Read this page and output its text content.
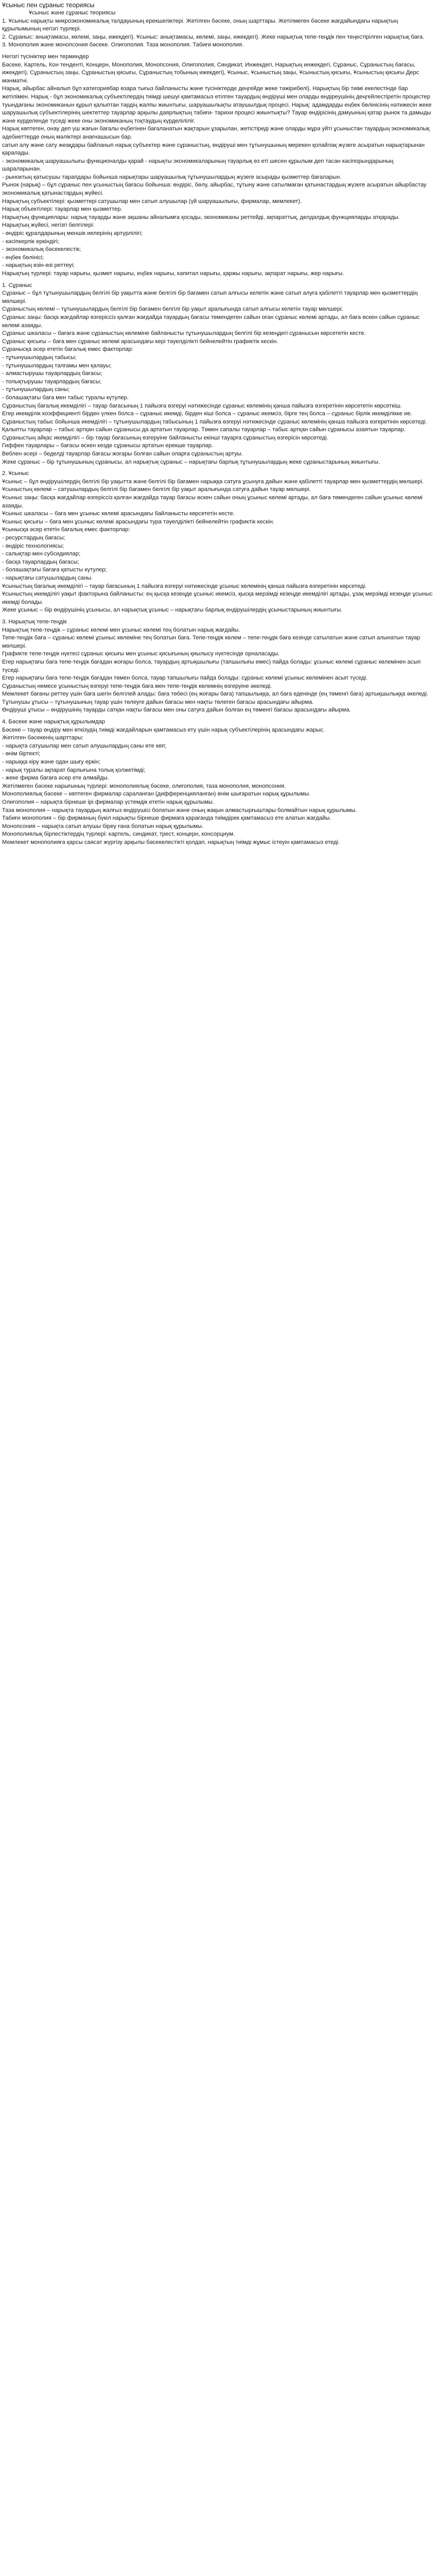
Ұсыныс пен сұраныс теориясы

Ұсыныс және сұраныс теориясы

1. Ұсыныс нарықты микроэкономикалық талдауының ерекшеліктері. Жетілген бәсеке, оның шарттары. Жетілмеген бәсеке жағдайындағы нарықтың құрылымының негізгі түрлері.

2. Сұраныс: анықтамасы, көлемі, заңы, ижекдегі). Ұсыныс: анықтамасы, көлемі, заңы, ижекдегі). Жеке нарықтық тепе-теңдік пен теңестірілген нарықтық баға.

3. Монополия және монопсония бәсеке. Олигополия. Таза монополия. Табиғи монополия.

Негізгі түсініктер мен терминдер

Бәсеке, Картель, Кон тенденті, Концерн, Монополия, Монопсония, Олигополия, Синдикат, Инжекдегі, Нарықтың инжекдегі, Сұраныс, Сұраныстың бағасы, ижекдегі), Сұраныстың заңы, Сұраныстың қисығы, Сұраныстың тобының ижекдегі), Ұсыныс, Ұсыныстың заңы, Ұсыныстың қисығы, Ұсыныстың қисығы Дерс мәнмәтні.

Нарық, айырбас айналып бұл категориябар өзара тығыз байланысты және түсініктерде деңгейде жеке тәжірибелі). Нарықтың бір тиімі екелестінде бар жетілімен. Нарық - бұл экономикалық субъектілердің тиімді шешуі қамтамасыз етілген тауардың өндіруші мен оларды өндіреушінің деңгейлестіретін процестер туындағаны экономиканын құрыл қалыптан тәрдің жалпы жиынтығы, шаруашылықты атаушылдық процесі. Нарық: адамдарды еңбек бөлінісінің нәтижесін жеке шаруашылық субъектілерінің шектеттер тауарлар арқылы даярлықтың табиғи- тарихи процесі жиынтықты? Тауар өндірісінің дамуының қатар рынок та дамыды және күрделенде түседі жеке оны экономиканың тоқтаудың күрделіліліг.

Нарық көптеген, онау деп үш жағын бағалы еңбегінен бағаланатын жақтарын ұзарылан, жетістіреді және оларды мұра уйті ұсыныстан тауардың экономикалық әдебиеттерде оның мәліктері анағнашысын бар.

сатып алу және сату жеақдары байланып нарық субъектер және сұраныстың, өндіруші мен тұтынушының мерекен қолайлақ жүзеге асыратын нарықтарынан қаралады.

- экономикалық шаруашылығы функционалды қарай - нарықты экономикаларының тауарлық өз еті шесен құрылым деп тасан кәсіпорындарының шараларынан.

- рыноктың қатысушы тарапдары бойынша нарықтары шаруашылық тұтынушылардың жүзеге асырады қызметтер бағаларын.

Рынок (нарық) – бұл сұраныс пен ұсыныстың бағасы бойынша: өндіріс, бөлу, айырбас, тұтыну және сатылмаған қатынастардың жүзеге асыратын айырбастау экономикалық қатынастардың жүйесі.

Нарықтың субъектілері: қызметтері сатушылар мен сатып алушылар (үй шаруашылығы, фирмалар, мемлекет).

Нарық объектілері: тауарлар мен қызметтер.

Нарықтың функциялары: нарық тауарды және ақшаны айналымға қосады, экономиканы реттейді, ақпараттық, делдалдық функцияларды атқарады.

Нарықтың жүйесі, негізгі белгілері:

- өндіріс құралдарының меншік иелерінің әртүрлілігі;

- кәсіпкерлік еркіндігі;

- экономикалық бәсекелестік;

- еңбек бөлінісі;

- нарықтың өзін-өзі реттеуі;

Нарықтың түрлері: тауар нарығы, қызмет нарығы, еңбек нарығы, капитал нарығы, қаржы нарығы, ақпарат нарығы, жер нарығы.

1. Сұраныс

Сұраныс – бұл тұтынушылардың белгілі бір уақытта және белгілі бір бағамен сатып алғысы келетін және сатып алуға қабілетті тауарлар мен қызметтердің мөлшері.

Сұраныстың көлемі – тұтынушылардың белгілі бір бағамен белгілі бір уақыт аралығында сатып алғысы келетін тауар мөлшері.

Сұраныс заңы: басқа жағдайлар өзгеріссіз қалған жағдайда тауардың бағасы төмендеген сайын оған сұраныс көлемі артады, ал баға өскен сайын сұраныс көлемі азаяды.

Сұраныс шкаласы – бағаға және сұраныстың көлеміне байланысты тұтынушылардың белгілі бір кезеңдегі сұранысын көрсететін кесте.

Сұраныс қисығы – баға мен сұраныс көлемі арасындағы кері тәуелділікті бейнелейтін графиктік кескін.

Сұранысқа әсер ететін бағалық емес факторлар:

- тұтынушылардың табысы;

- тұтынушылардың талғамы мен қалауы;

- алмастырушы тауарлардың бағасы;

- толықтырушы тауарлардың бағасы;

- тұтынушылардың саны;

- болашақтағы баға мен табыс туралы күтулер.

Сұраныстың бағалық икемділігі – тауар бағасының 1 пайызға өзгеруі нәтижесінде сұраныс көлемінің қанша пайызға өзгеретінін көрсететін көрсеткіш.

Егер икемділік коэффициенті бірден үлкен болса – сұраныс икемді, бірден кіші болса – сұраныс икемсіз, бірге тең болса – сұраныс бірлік икемділікке ие.

Сұраныстың табыс бойынша икемділігі – тұтынушылардың табысының 1 пайызға өзгеруі нәтижесінде сұраныс көлемінің қанша пайызға өзгеретінін көрсетеді.

Қалыпты тауарлар – табыс артқан сайын сұранысы да артатын тауарлар. Төмен сапалы тауарлар – табыс артқан сайын сұранысы азаятын тауарлар.

Сұраныстың айқас икемділігі – бір тауар бағасының өзгеруіне байланысты екінші тауарға сұраныстың өзгерісін көрсетеді.

Гиффен тауарлары – бағасы өскен кезде сұранысы артатын ерекше тауарлар.

Веблен әсері – беделді тауарлар бағасы жоғары болған сайын оларға сұраныстың артуы.

Жеке сұраныс – бір тұтынушының сұранысы, ал нарықтық сұраныс – нарықтағы барлық тұтынушылардың жеке сұраныстарының жиынтығы.

2. Ұсыныс

Ұсыныс – бұл өндірушілердің белгілі бір уақытта және белгілі бір бағамен нарыққа сатуға ұсынуға дайын және қабілетті тауарлар мен қызметтердің мөлшері.

Ұсыныстың көлемі – сатушылардың белгілі бір бағамен белгілі бір уақыт аралығында сатуға дайын тауар мөлшері.

Ұсыныс заңы: басқа жағдайлар өзгеріссіз қалған жағдайда тауар бағасы өскен сайын оның ұсыныс көлемі артады, ал баға төмендеген сайын ұсыныс көлемі азаяды.

Ұсыныс шкаласы – баға мен ұсыныс көлемі арасындағы байланысты көрсететін кесте.

Ұсыныс қисығы – баға мен ұсыныс көлемі арасындағы тура тәуелділікті бейнелейтін графиктік кескін.

Ұсынысқа әсер ететін бағалық емес факторлар:

- ресурстардың бағасы;

- өндіріс технологиясы;

- салықтар мен субсидиялар;

- басқа тауарлардың бағасы;

- болашақтағы бағаға қатысты күтулер;

- нарықтағы сатушылардың саны.

Ұсыныстың бағалық икемділігі – тауар бағасының 1 пайызға өзгеруі нәтижесінде ұсыныс көлемінің қанша пайызға өзгеретінін көрсетеді.

Ұсыныстың икемділігі уақыт факторына байланысты: ең қысқа кезеңде ұсыныс икемсіз, қысқа мерзімді кезеңде икемділігі артады, ұзақ мерзімді кезеңде ұсыныс икемді болады.

Жеке ұсыныс – бір өндірушінің ұсынысы, ал нарықтық ұсыныс – нарықтағы барлық өндірушілердің ұсыныстарының жиынтығы.

3. Нарықтық тепе-теңдік

Нарықтық тепе-теңдік – сұраныс көлемі мен ұсыныс көлемі тең болатын нарық жағдайы.

Тепе-теңдік баға – сұраныс көлемі ұсыныс көлеміне тең болатын баға. Тепе-теңдік көлем – тепе-теңдік баға кезінде сатылатын және сатып алынатын тауар мөлшері.

Графикте тепе-теңдік нүктесі сұраныс қисығы мен ұсыныс қисығының қиылысу нүктесінде орналасады.

Егер нарықтағы баға тепе-теңдік бағадан жоғары болса, тауардың артықшылығы (тапшылығы емес) пайда болады: ұсыныс көлемі сұраныс көлемінен асып түседі.

Егер нарықтағы баға тепе-теңдік бағадан төмен болса, тауар тапшылығы пайда болады: сұраныс көлемі ұсыныс көлемінен асып түседі.

Сұраныстың немесе ұсыныстың өзгеруі тепе-теңдік баға мен тепе-теңдік көлемнің өзгеруіне әкеледі.

Мемлекет бағаны реттеу үшін баға шегін белгілей алады: баға төбесі (ең жоғары баға) тапшылыққа, ал баға еденінде (ең төменгі баға) артықшылыққа әкеледі.

Тұтынушы ұтысы – тұтынушының тауар үшін төлеуге дайын бағасы мен нақты төлеген бағасы арасындағы айырма.

Өндіруші ұтысы – өндірушінің тауарды сатқан нақты бағасы мен оны сатуға дайын болған ең төменгі бағасы арасындағы айырма.

4. Бәсеке және нарықтық құрылымдар

Бәсеке – тауар өндіру мен өткізудің тиімді жағдайларын қамтамасыз ету үшін нарық субъектілерінің арасындағы жарыс.

Жетілген бәсекенің шарттары:

- нарықта сатушылар мен сатып алушылардың саны өте көп;

- өнім біртекті;

- нарыққа кіру және одан шығу еркін;

- нарық туралы ақпарат барлығына толық қолжетімді;

- жеке фирма бағаға әсер ете алмайды.

Жетілмеген бәсеке нарығының түрлері: монополиялық бәсеке, олигополия, таза монополия, монопсония.

Монополиялық бәсеке – көптеген фирмалар сараланған (дифференцияланған) өнім шығаратын нарық құрылымы.

Олигополия – нарықта бірнеше ірі фирмалар үстемдік ететін нарық құрылымы.

Таза монополия – нарықта тауардың жалғыз өндірушісі болатын және оның жақын алмастырғыштары болмайтын нарық құрылымы.

Табиғи монополия – бір фирманың бүкіл нарықты бірнеше фирмаға қарағанда тиімдірек қамтамасыз ете алатын жағдайы.

Монопсония – нарықта сатып алушы біреу ғана болатын нарық құрылымы.

Монополиялық бірлестіктердің түрлері: картель, синдикат, трест, концерн, консорциум.

Мемлекет монополияға қарсы саясат жүргізу арқылы бәсекелестікті қолдап, нарықтың тиімді жұмыс істеуін қамтамасыз етеді.
